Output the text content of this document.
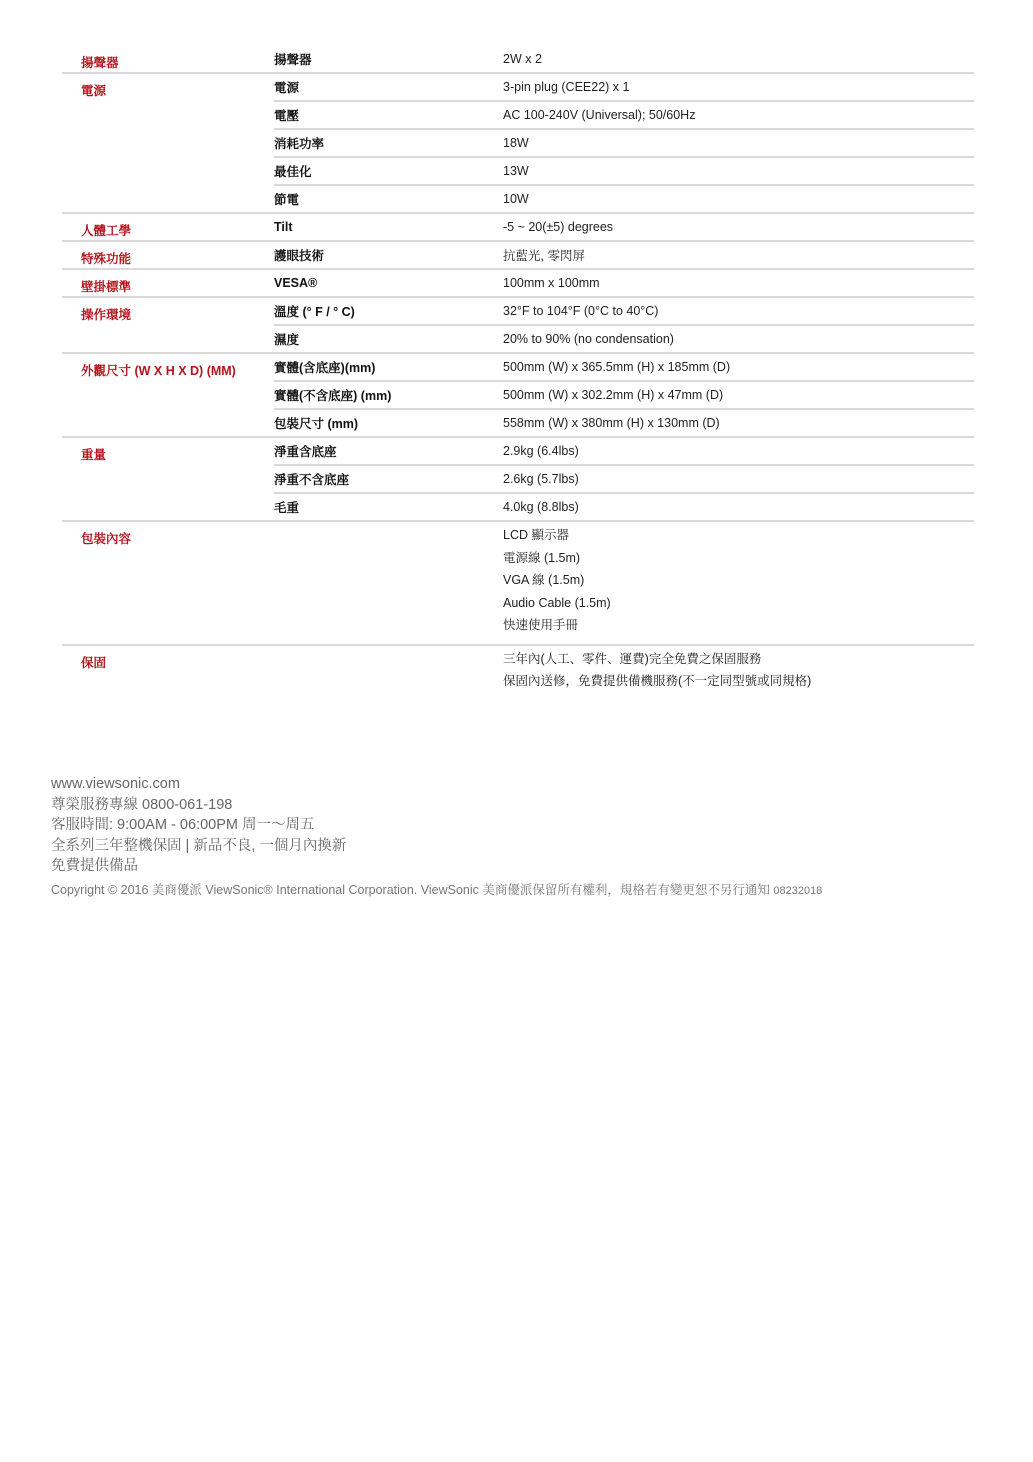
揚聲器	揚聲器	2W x 2
電源	電源	3-pin plug (CEE22) x 1
電壓	AC 100-240V (Universal); 50/60Hz
消耗功率	18W
最佳化	13W
節電	10W
人體工學	Tilt	-5 ~ 20(±5) degrees
特殊功能	護眼技術	抗藍光, 零閃屏
壁掛標準	VESA®	100mm x 100mm
操作環境	溫度 (° F / ° C)	32°F to 104°F (0°C to 40°C)
濕度	20% to 90% (no condensation)
外觀尺寸 (W X H X D) (MM)	實體(含底座)(mm)	500mm (W) x 365.5mm (H) x 185mm (D)
實體(不含底座) (mm)	500mm (W) x 302.2mm (H) x 47mm (D)
包裝尺寸 (mm)	558mm (W) x 380mm (H) x 130mm (D)
重量	淨重含底座	2.9kg (6.4lbs)
淨重不含底座	2.6kg (5.7lbs)
毛重	4.0kg (8.8lbs)
包裝內容	LCD 顯示器
電源線 (1.5m)
VGA 線 (1.5m)
Audio Cable (1.5m)
快速使用手冊
保固	三年內(人工、零件、運費)完全免費之保固服務
保固內送修，免費提供備機服務(不一定同型號或同規格)
www.viewsonic.com
尊榮服務專線 0800-061-198
客服時間: 9:00AM - 06:00PM 周一～周五
全系列三年整機保固 | 新品不良, 一個月內換新
免費提供備品
Copyright © 2016 美商優派 ViewSonic® International Corporation. ViewSonic 美商優派保留所有權利，規格若有變更恕不另行通知 08232018
